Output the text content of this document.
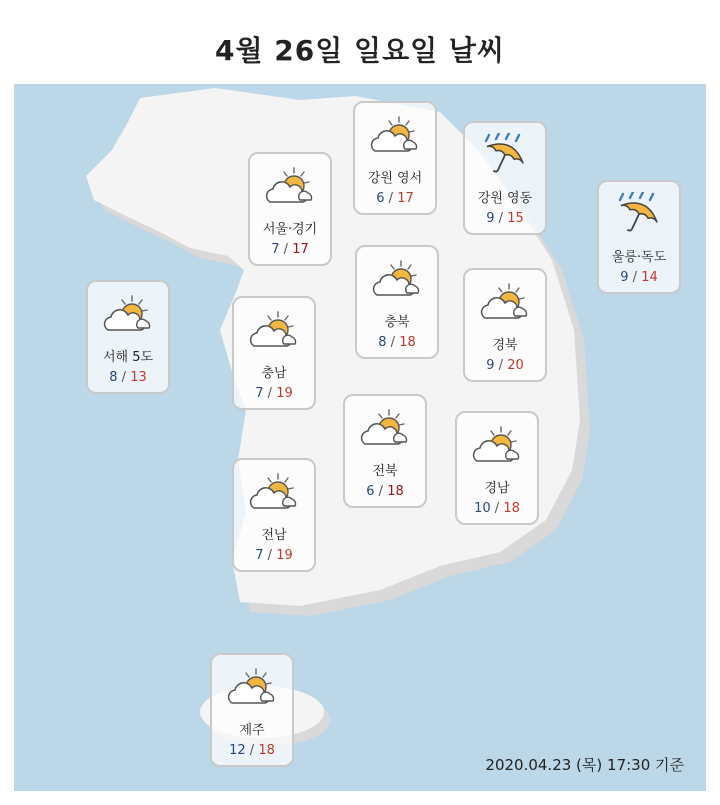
4월 26일 일요일 날씨
서해 5도
8 / 13
서울·경기
7 / 17
강원 영서
6 / 17	강원 영동
9 / 15
울릉·독도
9 / 14
충남
7 / 19
충북
8 / 18	경북
9 / 20
전북
6 / 18	경남
10 / 18
전남
7 / 19
제주
12 / 18
2020.04.23 (목) 17:30 기준
